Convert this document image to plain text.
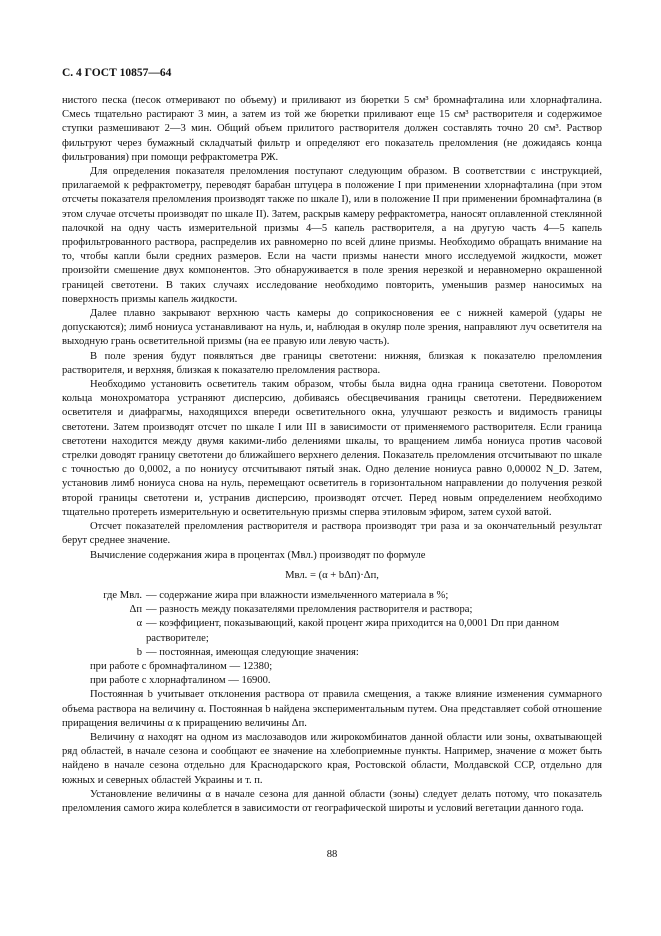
С. 4 ГОСТ 10857—64

нистого песка (песок отмеривают по объему) и приливают из бюретки 5 см³ бромнафталина или хлорнафталина. Смесь тщательно растирают 3 мин, а затем из той же бюретки приливают еще 15 см³ растворителя и содержимое ступки размешивают 2—3 мин. Общий объем прилитого растворителя должен составлять точно 20 см³. Раствор фильтруют через бумажный складчатый фильтр и определяют его показатель преломления (не дожидаясь конца фильтрования) при помощи рефрактометра РЖ.

Для определения показателя преломления поступают следующим образом. В соответствии с инструкцией, прилагаемой к рефрактометру, переводят барабан штуцера в положение I при применении хлорнафталина (при этом отсчеты показателя преломления производят также по шкале I), или в положение II при применении бромнафталина (в этом случае отсчеты производят по шкале II). Затем, раскрыв камеру рефрактометра, наносят оплавленной стеклянной палочкой на одну часть измерительной призмы 4—5 капель растворителя, а на другую часть 4—5 капель профильтрованного раствора, распределив их равномерно по всей длине призмы. Необходимо обращать внимание на то, чтобы капли были средних размеров. Если на части призмы нанести много исследуемой жидкости, может произойти смешение двух компонентов. Это обнаруживается в поле зрения нерезкой и неравномерно окрашенной границей светотени. В таких случаях исследование необходимо повторить, уменьшив размер наносимых на поверхность призмы капель жидкости.

Далее плавно закрывают верхнюю часть камеры до соприкосновения ее с нижней камерой (удары не допускаются); лимб нониуса устанавливают на нуль, и, наблюдая в окуляр поле зрения, направляют луч осветителя на выходную грань осветительной призмы (на ее правую или левую часть).

В поле зрения будут появляться две границы светотени: нижняя, близкая к показателю преломления растворителя, и верхняя, близкая к показателю преломления раствора.

Необходимо установить осветитель таким образом, чтобы была видна одна граница светотени. Поворотом кольца монохроматора устраняют дисперсию, добиваясь обесцвечивания границы светотени. Передвижением осветителя и диафрагмы, находящихся впереди осветительного окна, улучшают резкость и видимость границы светотени. Затем производят отсчет по шкале I или III в зависимости от применяемого растворителя. Если граница светотени находится между двумя какими-либо делениями шкалы, то вращением лимба нониуса против часовой стрелки доводят границу светотени до ближайшего верхнего деления. Показатель преломления отсчитывают по шкале с точностью до 0,0002, а по нониусу отсчитывают пятый знак. Одно деление нониуса равно 0,00002 N_D. Затем, установив лимб нониуса снова на нуль, перемещают осветитель в горизонтальном направлении до получения резкой второй границы светотени и, устранив дисперсию, производят отсчет. Перед новым определением необходимо тщательно протереть измерительную и осветительную призмы сперва этиловым эфиром, затем сухой ватой.

Отсчет показателей преломления растворителя и раствора производят три раза и за окончательный результат берут среднее значение.

Вычисление содержания жира в процентах (Mвл.) производят по формуле

Mвл. = (α + bΔп)·Δп,

где Mвл. — содержание жира при влажности измельченного материала в %;
Δп — разность между показателями преломления растворителя и раствора;
α — коэффициент, показывающий, какой процент жира приходится на 0,0001 Dп при данном растворителе;
b — постоянная, имеющая следующие значения:

при работе с бромнафталином — 12380;

при работе с хлорнафталином — 16900.

Постоянная b учитывает отклонения раствора от правила смещения, а также влияние изменения суммарного объема раствора на величину α. Постоянная b найдена экспериментальным путем. Она представляет собой отношение приращения величины α к приращению величины Δп.

Величину α находят на одном из маслозаводов или жирокомбинатов данной области или зоны, охватывающей ряд областей, в начале сезона и сообщают ее значение на хлебоприемные пункты. Например, значение α может быть найдено в начале сезона отдельно для Краснодарского края, Ростовской области, Молдавской ССР, отдельно для южных и северных областей Украины и т. п.

Установление величины α в начале сезона для данной области (зоны) следует делать потому, что показатель преломления самого жира колеблется в зависимости от географической широты и условий вегетации данного года.

88
